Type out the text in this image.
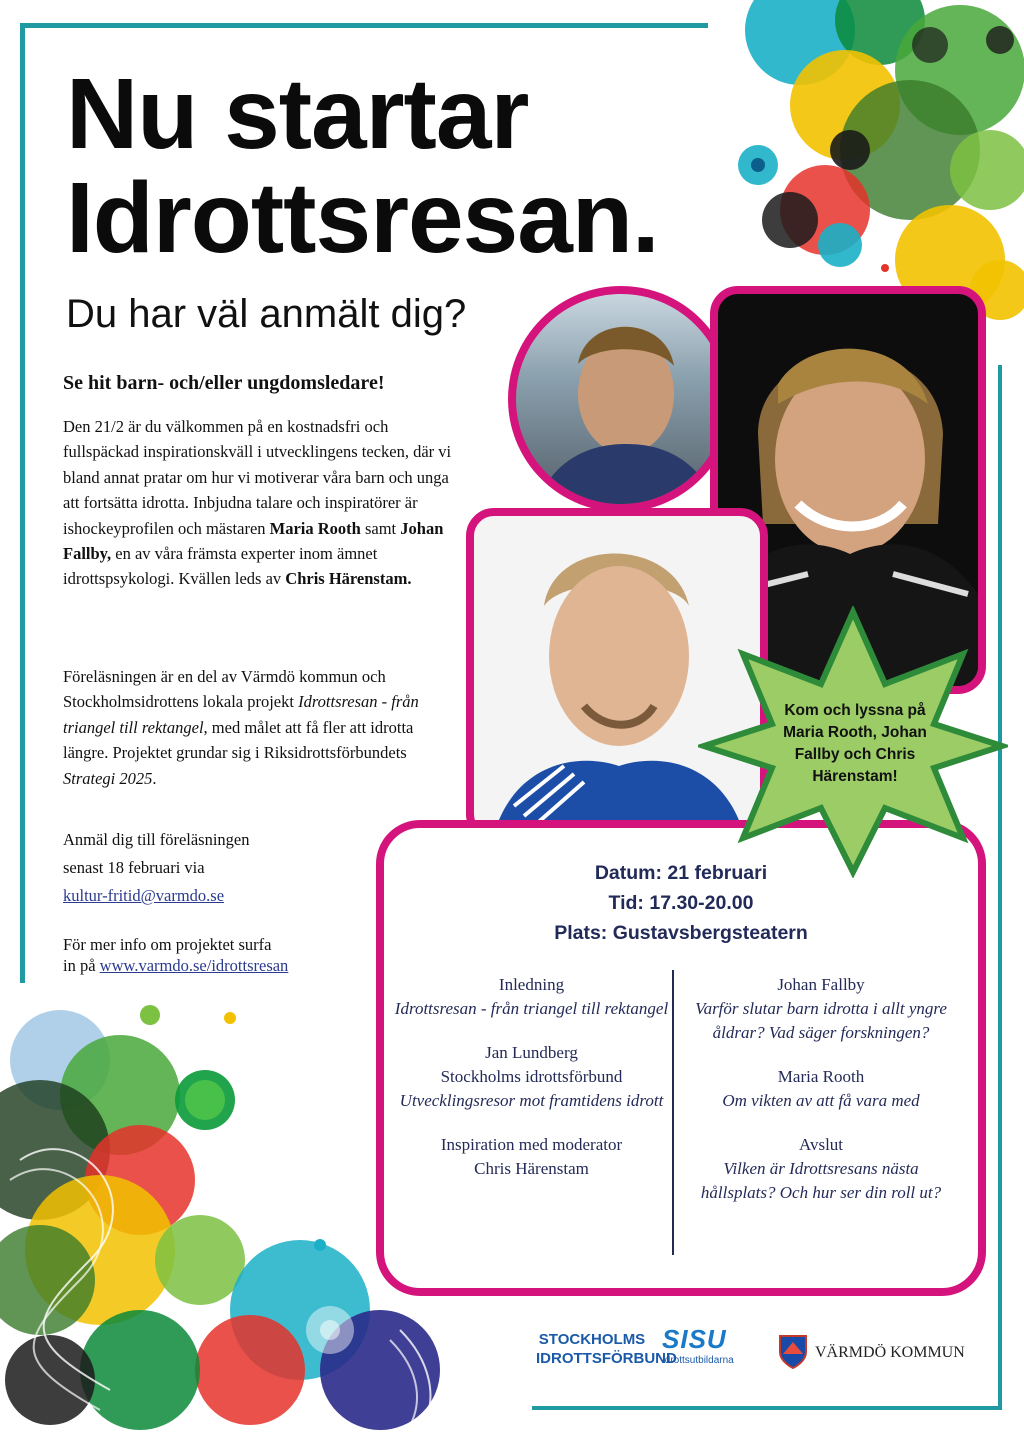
Nu startar
Idrottsresan.
Du har väl anmält dig?
Se hit barn- och/eller ungdomsledare!
Den 21/2 är du välkommen på en kostnadsfri och fullspäckad inspirationskväll i utvecklingens tecken, där vi bland annat pratar om hur vi motiverar våra barn och unga att fortsätta idrotta. Inbjudna talare och inspiratörer är ishockeyprofilen och mästaren Maria Rooth samt Johan Fallby, en av våra främsta experter inom ämnet idrottspsykologi. Kvällen leds av Chris Härenstam.
Föreläsningen är en del av Värmdö kommun och Stockholmsidrottens lokala projekt Idrottsresan - från triangel till rektangel, med målet att få fler att idrotta längre. Projektet grundar sig i Riksidrottsförbundets Strategi 2025.
Anmäl dig till föreläsningen
senast 18 februari via
kultur-fritid@varmdo.se
För mer info om projektet surfa
in på www.varmdo.se/idrottsresan
Datum: 21 februari
Tid: 17.30-20.00
Plats: Gustavsbergsteatern
Inledning
Idrottsresan - från triangel till rektangel
Jan Lundberg
Stockholms idrottsförbund
Utvecklingsresor mot framtidens idrott
Inspiration med moderator
Chris Härenstam
Johan Fallby
Varför slutar barn idrotta i allt yngre åldrar? Vad säger forskningen?
Maria Rooth
Om vikten av att få vara med
Avslut
Vilken är Idrottsresans nästa hållsplats? Och hur ser din roll ut?
Kom och lyssna på Maria Rooth, Johan Fallby och Chris Härenstam!
STOCKHOLMS
IDROTTSFÖRBUND
SISU
Idrottsutbildarna	VÄRMDÖ KOMMUN
